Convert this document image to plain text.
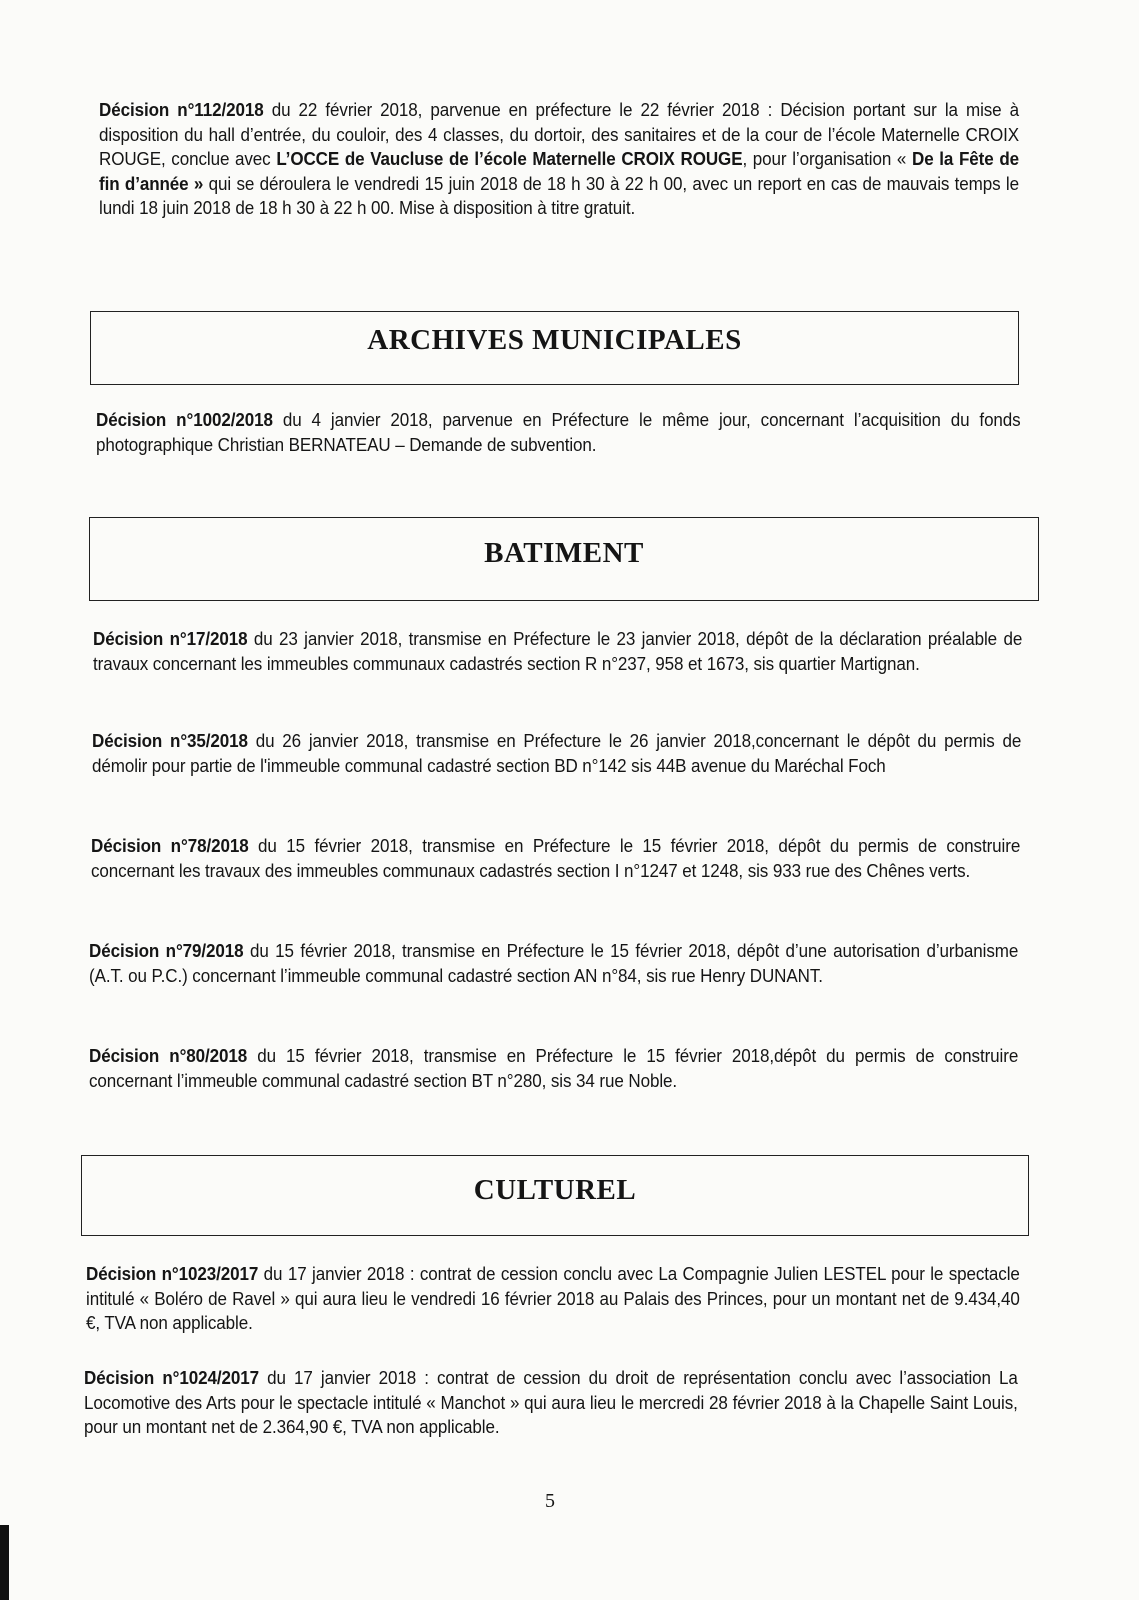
Décision n°112/2018 du 22 février 2018, parvenue en préfecture le 22 février 2018 : Décision portant sur la mise à disposition du hall d’entrée, du couloir, des 4 classes, du dortoir, des sanitaires et de la cour de l’école Maternelle CROIX ROUGE, conclue avec L’OCCE de Vaucluse de l’école Maternelle CROIX ROUGE, pour l’organisation « De la Fête de fin d’année » qui se déroulera le vendredi 15 juin 2018 de 18 h 30 à 22 h 00, avec un report en cas de mauvais temps le lundi 18 juin 2018 de 18 h 30 à 22 h 00. Mise à disposition à titre gratuit.
ARCHIVES MUNICIPALES
Décision n°1002/2018 du 4 janvier 2018, parvenue en Préfecture le même jour, concernant l’acquisition du fonds photographique Christian BERNATEAU – Demande de subvention.
BATIMENT
Décision n°17/2018 du 23 janvier 2018, transmise en Préfecture le 23 janvier 2018, dépôt de la déclaration préalable de travaux concernant les immeubles communaux cadastrés section R n°237, 958 et 1673, sis quartier Martignan.
Décision n°35/2018 du 26 janvier 2018, transmise en Préfecture le 26 janvier 2018,concernant le dépôt du permis de démolir pour partie de l'immeuble communal cadastré section BD n°142 sis 44B avenue du Maréchal Foch
Décision n°78/2018 du 15 février 2018, transmise en Préfecture le 15 février 2018, dépôt du permis de construire concernant les travaux des immeubles communaux cadastrés section I n°1247 et 1248, sis 933 rue des Chênes verts.
Décision n°79/2018 du 15 février 2018, transmise en Préfecture le 15 février 2018, dépôt d’une autorisation d’urbanisme (A.T. ou P.C.) concernant l’immeuble communal cadastré section AN n°84, sis rue Henry DUNANT.
Décision n°80/2018 du 15 février 2018, transmise en Préfecture le 15 février 2018,dépôt du permis de construire concernant l’immeuble communal cadastré section BT n°280, sis 34 rue Noble.
CULTUREL
Décision n°1023/2017 du 17 janvier 2018 : contrat de cession conclu avec La Compagnie Julien LESTEL pour le spectacle intitulé « Boléro de Ravel » qui aura lieu le vendredi 16 février 2018 au Palais des Princes, pour un montant net de 9.434,40 €, TVA non applicable.
Décision n°1024/2017 du 17 janvier 2018 : contrat de cession du droit de représentation conclu avec l’association La Locomotive des Arts pour le spectacle intitulé « Manchot » qui aura lieu le mercredi 28 février 2018 à la Chapelle Saint Louis, pour un montant net de 2.364,90 €, TVA non applicable.
5
